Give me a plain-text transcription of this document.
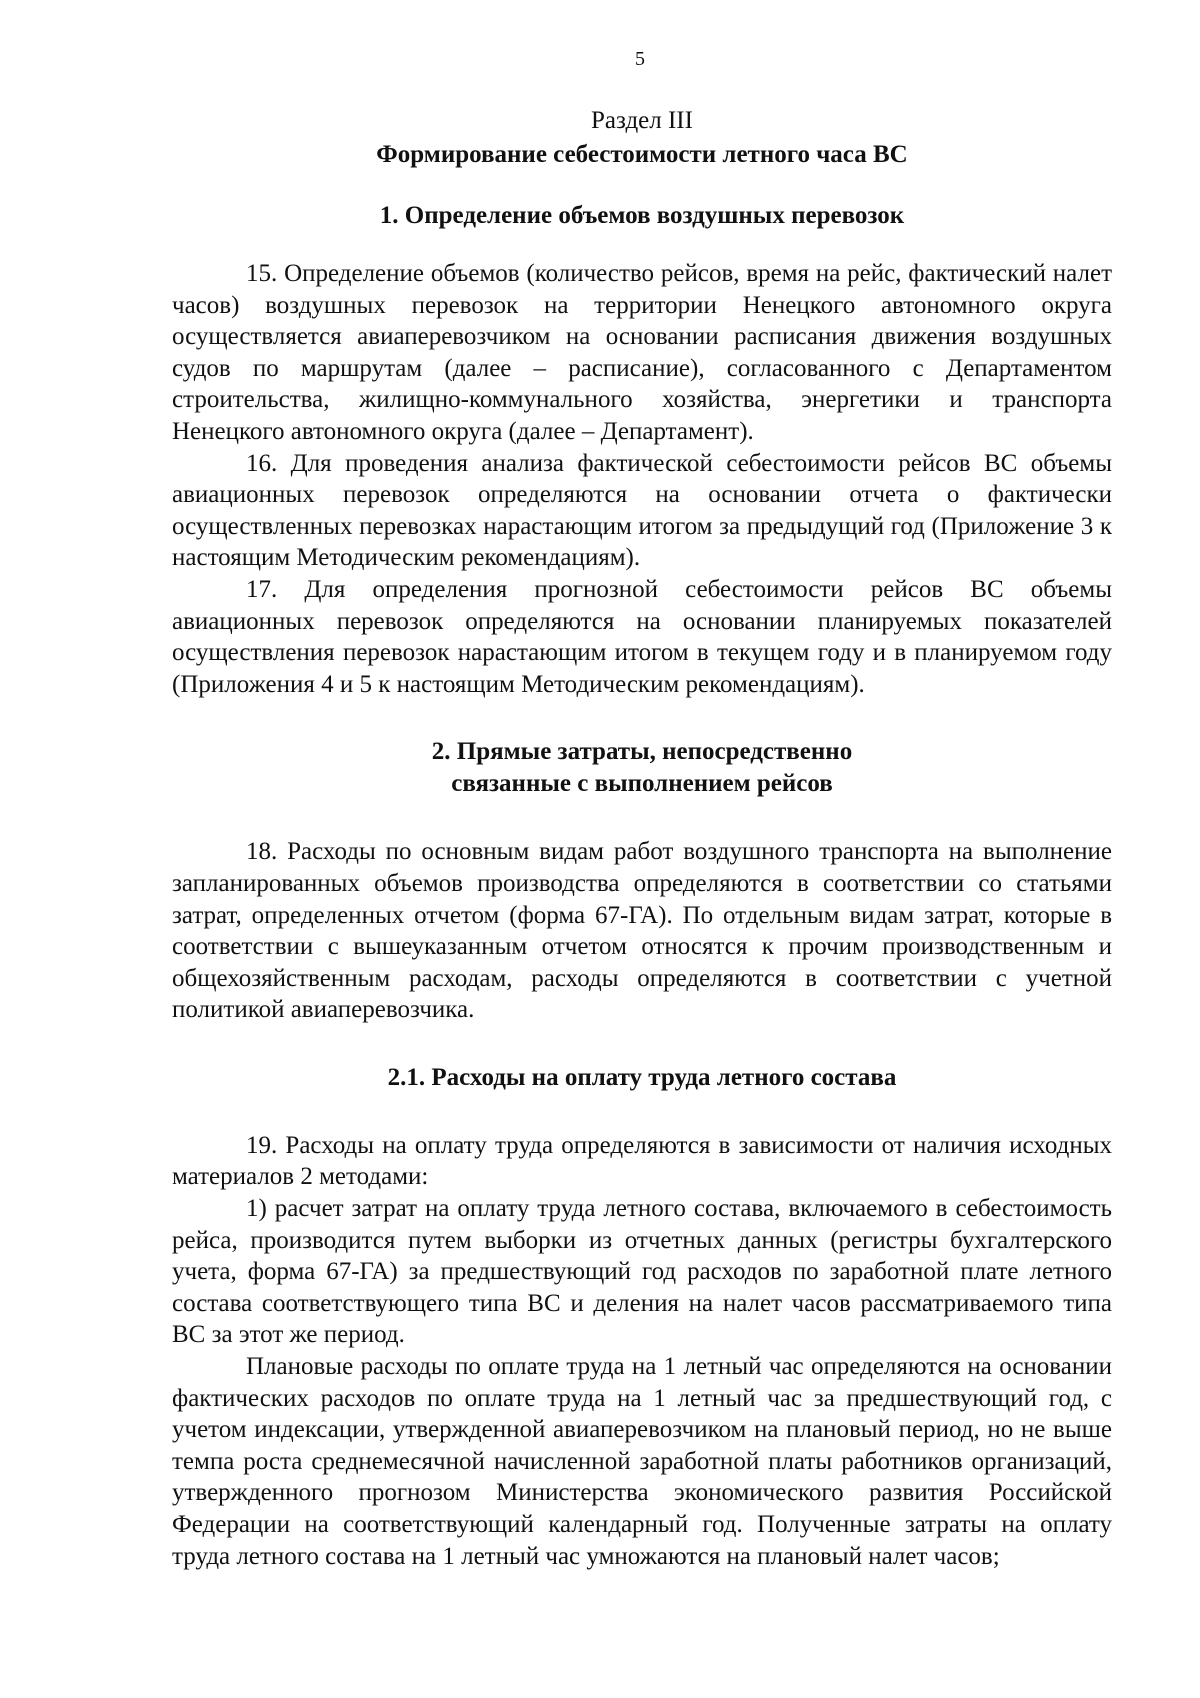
5
Раздел III
Формирование себестоимости летного часа ВС
1. Определение объемов воздушных перевозок

15. Определение объемов (количество рейсов, время на рейс, фактический налет часов) воздушных перевозок на территории Ненецкого автономного округа осуществляется авиаперевозчиком на основании расписания движения воздушных судов по маршрутам (далее – расписание), согласованного с Департаментом строительства, жилищно-коммунального хозяйства, энергетики и транспорта Ненецкого автономного округа (далее – Департамент).

16. Для проведения анализа фактической себестоимости рейсов ВС объемы авиационных перевозок определяются на основании отчета о фактически осуществленных перевозках нарастающим итогом за предыдущий год (Приложение 3 к настоящим Методическим рекомендациям).

17. Для определения прогнозной себестоимости рейсов ВС объемы авиационных перевозок определяются на основании планируемых показателей осуществления перевозок нарастающим итогом в текущем году и в планируемом году (Приложения 4 и 5 к настоящим Методическим рекомендациям).

2. Прямые затраты, непосредственно
связанные с выполнением рейсов

18. Расходы по основным видам работ воздушного транспорта на выполнение запланированных объемов производства определяются в соответствии со статьями затрат, определенных отчетом (форма 67-ГА). По отдельным видам затрат, которые в соответствии с вышеуказанным отчетом относятся к прочим производственным и общехозяйственным расходам, расходы определяются в соответствии с учетной политикой авиаперевозчика.

2.1. Расходы на оплату труда летного состава

19. Расходы на оплату труда определяются в зависимости от наличия исходных материалов 2 методами:

1) расчет затрат на оплату труда летного состава, включаемого в себестоимость рейса, производится путем выборки из отчетных данных (регистры бухгалтерского учета, форма 67-ГА) за предшествующий год расходов по заработной плате летного состава соответствующего типа ВС и деления на налет часов рассматриваемого типа ВС за этот же период.

Плановые расходы по оплате труда на 1 летный час определяются на основании фактических расходов по оплате труда на 1 летный час за предшествующий год, с учетом индексации, утвержденной авиаперевозчиком на плановый период, но не выше темпа роста среднемесячной начисленной заработной платы работников организаций, утвержденного прогнозом Министерства экономического развития Российской Федерации на соответствующий календарный год. Полученные затраты на оплату труда летного состава на 1 летный час умножаются на плановый налет часов;
